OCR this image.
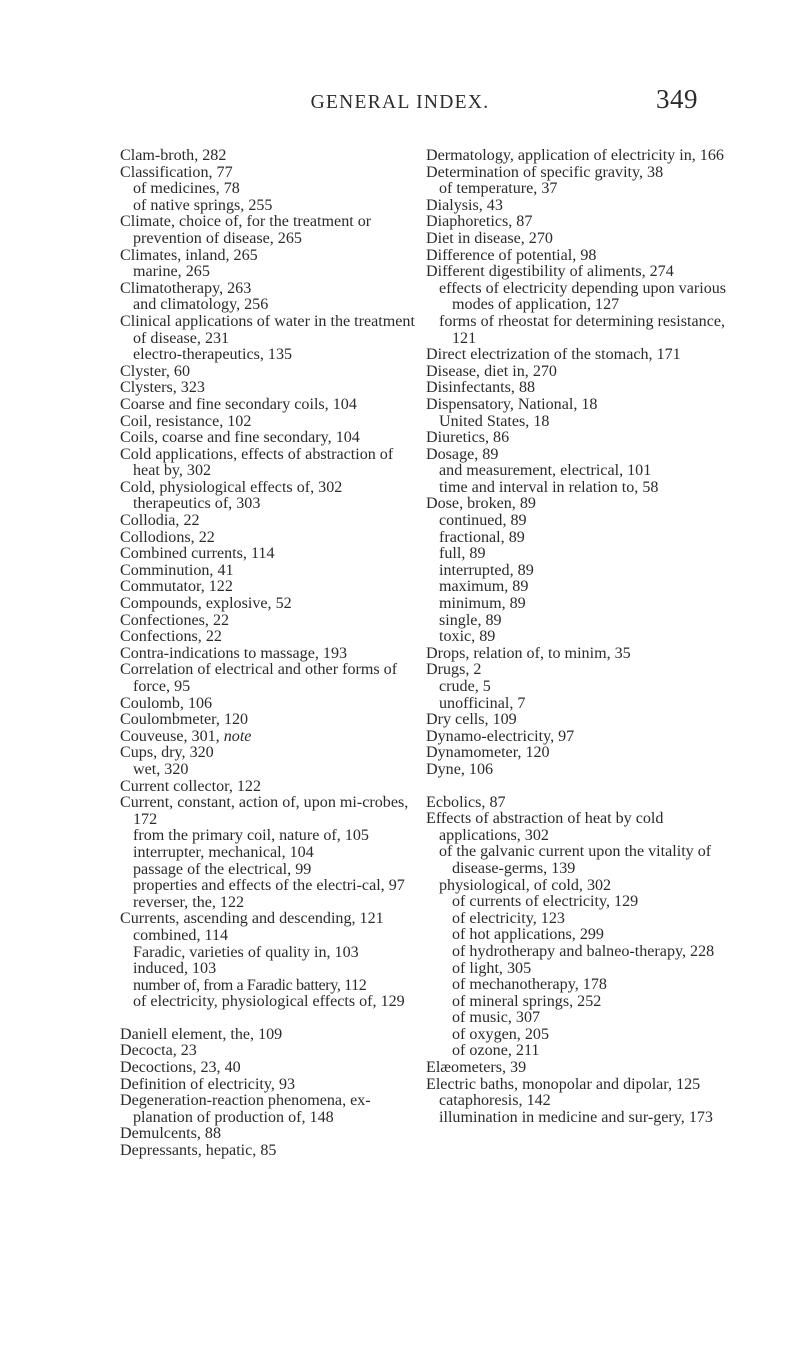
GENERAL INDEX.	349
Clam-broth, 282
Classification, 77
of medicines, 78
of native springs, 255
Climate, choice of, for the treatment or prevention of disease, 265
Climates, inland, 265
marine, 265
Climatotherapy, 263
and climatology, 256
Clinical applications of water in the treatment of disease, 231
electro-therapeutics, 135
Clyster, 60
Clysters, 323
Coarse and fine secondary coils, 104
Coil, resistance, 102
Coils, coarse and fine secondary, 104
Cold applications, effects of abstraction of heat by, 302
Cold, physiological effects of, 302
therapeutics of, 303
Collodia, 22
Collodions, 22
Combined currents, 114
Comminution, 41
Commutator, 122
Compounds, explosive, 52
Confectiones, 22
Confections, 22
Contra-indications to massage, 193
Correlation of electrical and other forms of force, 95
Coulomb, 106
Coulombmeter, 120
Couveuse, 301, note
Cups, dry, 320
wet, 320
Current collector, 122
Current, constant, action of, upon mi-crobes, 172
from the primary coil, nature of, 105
interrupter, mechanical, 104
passage of the electrical, 99
properties and effects of the electri-cal, 97
reverser, the, 122
Currents, ascending and descending, 121
combined, 114
Faradic, varieties of quality in, 103
induced, 103
number of, from a Faradic battery, 112
of electricity, physiological effects of, 129
Daniell element, the, 109
Decocta, 23
Decoctions, 23, 40
Definition of electricity, 93
Degeneration-reaction phenomena, ex-planation of production of, 148
Demulcents, 88
Depressants, hepatic, 85
Dermatology, application of electricity in, 166
Determination of specific gravity, 38
of temperature, 37
Dialysis, 43
Diaphoretics, 87
Diet in disease, 270
Difference of potential, 98
Different digestibility of aliments, 274
effects of electricity depending upon various modes of application, 127
forms of rheostat for determining resistance, 121
Direct electrization of the stomach, 171
Disease, diet in, 270
Disinfectants, 88
Dispensatory, National, 18
United States, 18
Diuretics, 86
Dosage, 89
and measurement, electrical, 101
time and interval in relation to, 58
Dose, broken, 89
continued, 89
fractional, 89
full, 89
interrupted, 89
maximum, 89
minimum, 89
single, 89
toxic, 89
Drops, relation of, to minim, 35
Drugs, 2
crude, 5
unofficinal, 7
Dry cells, 109
Dynamo-electricity, 97
Dynamometer, 120
Dyne, 106
Ecbolics, 87
Effects of abstraction of heat by cold applications, 302
of the galvanic current upon the vitality of disease-germs, 139
physiological, of cold, 302
of currents of electricity, 129
of electricity, 123
of hot applications, 299
of hydrotherapy and balneo-therapy, 228
of light, 305
of mechanotherapy, 178
of mineral springs, 252
of music, 307
of oxygen, 205
of ozone, 211
Elæometers, 39
Electric baths, monopolar and dipolar, 125
cataphoresis, 142
illumination in medicine and sur-gery, 173
